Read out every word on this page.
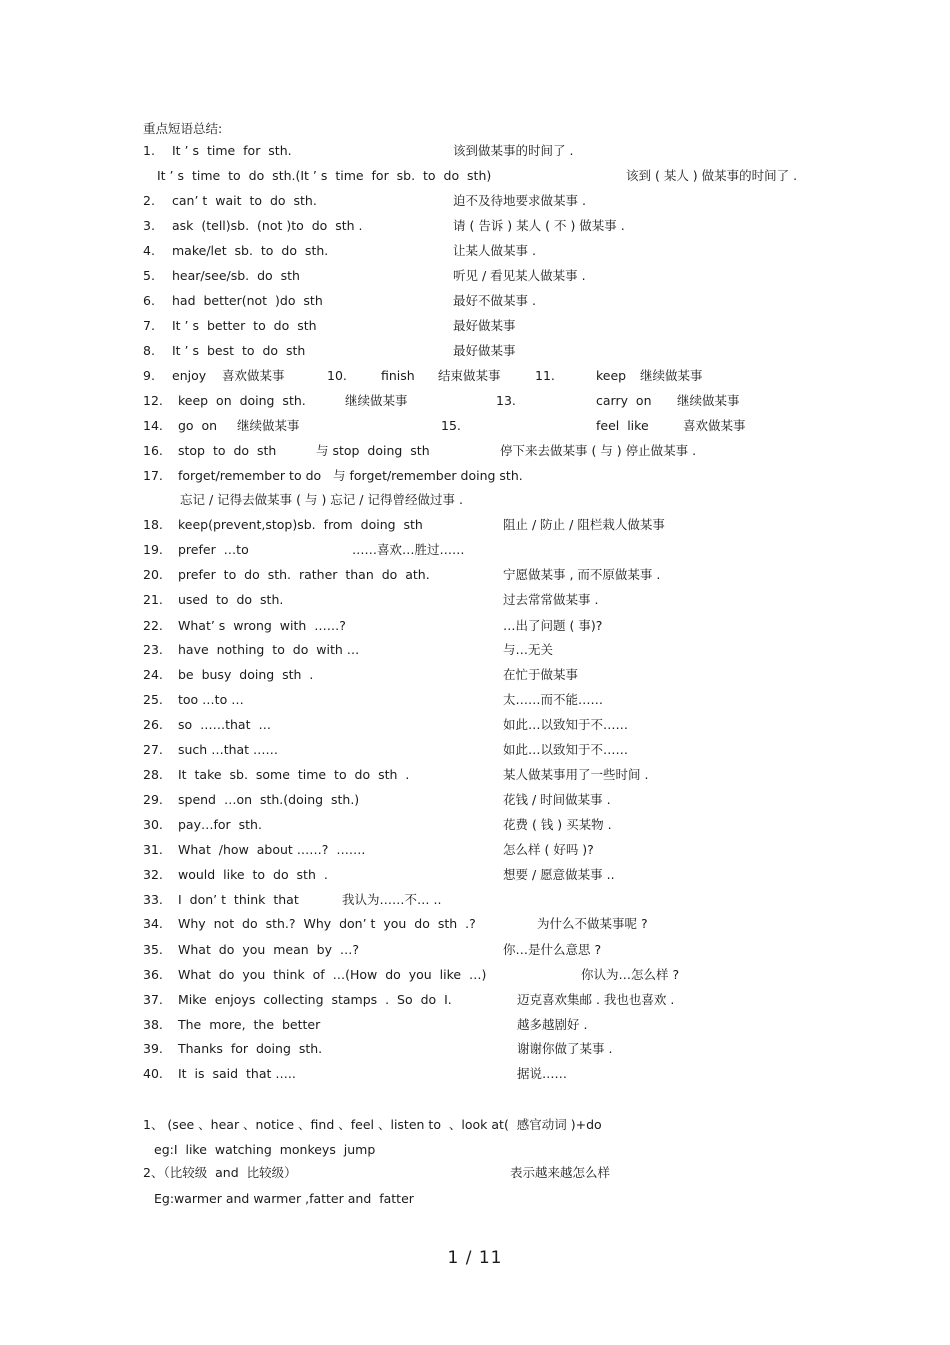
重点短语总结:

1. It ’ s  time  for  sth.	该到做某事的时间了 .
It ’ s  time  to  do  sth.(It ’ s  time  for  sb.  to  do  sth)	该到 ( 某人 ) 做某事的时间了 .
2. can’ t  wait  to  do  sth.	迫不及待地要求做某事 .
3. ask  (tell)sb.  (not )to  do  sth .	请 ( 告诉 ) 某人 ( 不 ) 做某事 .
4. make/let  sb.  to  do  sth.	让某人做某事 .
5. hear/see/sb.  do  sth	听见 / 看见某人做某事 .
6. had  better(not  )do  sth	最好不做某事 .
7. It ’ s  better  to  do  sth	最好做某事
8. It ’ s  best  to  do  sth	最好做某事
9. enjoy 喜欢做某事	10.	finish 结束做某事	11.	keep 继续做某事
12. keep  on  doing  sth.	继续做某事	13.	carry  on 继续做某事
14. go  on 继续做某事	15.	feel  like	喜欢做某事
16. stop  to  do  sth	与 stop  doing  sth	停下来去做某事 ( 与 ) 停止做某事 .
17. forget/remember to do 与 forget/remember doing sth.
忘记 / 记得去做某事 ( 与 ) 忘记 / 记得曾经做过事 .
18. keep(prevent,stop)sb.  from  doing  sth	阻止 / 防止 / 阻栏栽人做某事
19. prefer  …to	……喜欢…胜过……
20. prefer  to  do  sth.  rather  than  do  ath.	宁愿做某事 , 而不原做某事 .
21. used  to  do  sth.	过去常常做某事 .
22. What’ s  wrong  with  ……?	…出了问题 ( 事)?
23. have  nothing  to  do  with …	与…无关
24. be  busy  doing  sth  .	在忙于做某事
25. too …to …	太……而不能……
26. so  ……that  …	如此…以致知于不……
27. such …that ……	如此…以致知于不……
28. It  take  sb.  some  time  to  do  sth  .	某人做某事用了一些时间 .
29. spend  …on  sth.(doing  sth.)	花钱 / 时间做某事 .
30. pay…for  sth.	花费 ( 钱 ) 买某物 .
31. What  /how  about ……?  …….	怎么样 ( 好吗 )?
32. would  like  to  do  sth  .	想要 / 愿意做某事 ..
33. I  don’ t  think  that	我认为……不… ..
34. Why  not  do  sth.?  Why  don’ t  you  do  sth  .?	为什么不做某事呢 ?
35. What  do  you  mean  by  …?	你…是什么意思 ?
36. What  do  you  think  of  …(How  do  you  like  …)	你认为…怎么样 ?
37. Mike  enjoys  collecting  stamps  .  So  do  I.	迈克喜欢集邮 . 我也也喜欢 .
38. The  more,  the  better	越多越剧好 .
39. Thanks  for  doing  sth.	谢谢你做了某事 .
40. It  is  said  that …..	据说……
1、 (see 、hear 、notice 、find 、feel 、listen to  、look at(  感官动词 )+do
eg:I  like  watching  monkeys  jump
2、（比较级  and  比较级）	表示越来越怎么样
Eg:warmer and warmer ,fatter and  fatter
1 / 11
